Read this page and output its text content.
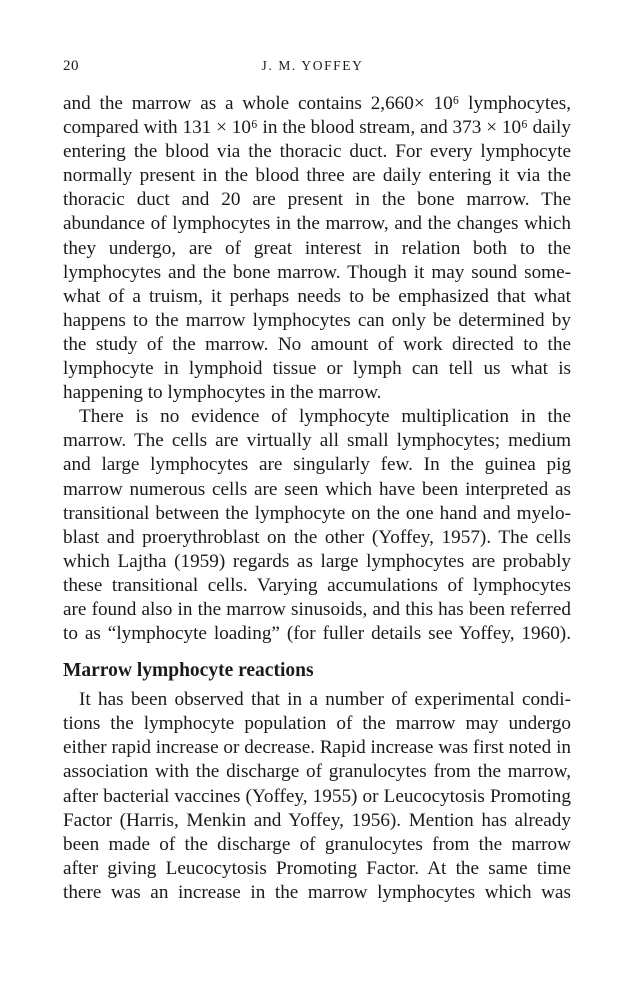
20	J. M. YOFFEY
and the marrow as a whole contains 2,660× 10⁶ lymphocytes,
compared with 131 × 10⁶ in the blood stream, and 373 × 10⁶ daily
entering the blood via the thoracic duct. For every lymphocyte
normally present in the blood three are daily entering it via the
thoracic duct and 20 are present in the bone marrow. The
abundance of lymphocytes in the marrow, and the changes which
they undergo, are of great interest in relation both to the
lymphocytes and the bone marrow. Though it may sound some-
what of a truism, it perhaps needs to be emphasized that what
happens to the marrow lymphocytes can only be determined by
the study of the marrow. No amount of work directed to the
lymphocyte in lymphoid tissue or lymph can tell us what is
happening to lymphocytes in the marrow.
There is no evidence of lymphocyte multiplication in the
marrow. The cells are virtually all small lymphocytes; medium
and large lymphocytes are singularly few. In the guinea pig
marrow numerous cells are seen which have been interpreted as
transitional between the lymphocyte on the one hand and myelo-
blast and proerythroblast on the other (Yoffey, 1957). The cells
which Lajtha (1959) regards as large lymphocytes are probably
these transitional cells. Varying accumulations of lymphocytes
are found also in the marrow sinusoids, and this has been referred
to as “lymphocyte loading” (for fuller details see Yoffey, 1960).
Marrow lymphocyte reactions
It has been observed that in a number of experimental condi-
tions the lymphocyte population of the marrow may undergo
either rapid increase or decrease. Rapid increase was first noted in
association with the discharge of granulocytes from the marrow,
after bacterial vaccines (Yoffey, 1955) or Leucocytosis Promoting
Factor (Harris, Menkin and Yoffey, 1956). Mention has already
been made of the discharge of granulocytes from the marrow
after giving Leucocytosis Promoting Factor. At the same time
there was an increase in the marrow lymphocytes which was
